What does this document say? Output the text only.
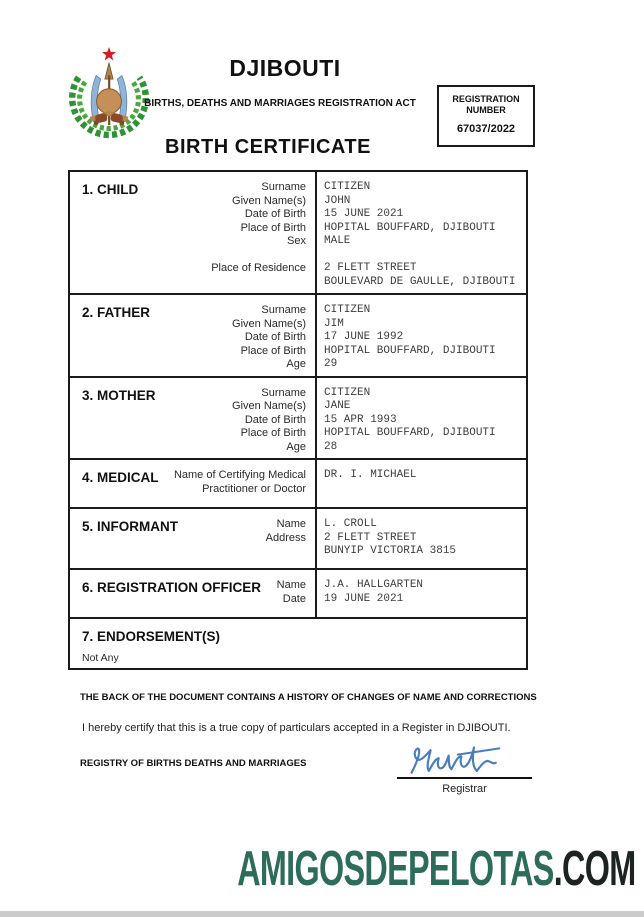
DJIBOUTI
BIRTHS, DEATHS AND MARRIAGES REGISTRATION ACT	REGISTRATION
NUMBER
67037/2022
BIRTH CERTIFICATE
1. CHILD	Surname CITIZEN
Given Name(s) JOHN
Date of Birth 15 JUNE 2021
Place of Birth HOPITAL BOUFFARD, DJIBOUTI
Sex MALE
Place of Residence 2 FLETT STREET
BOULEVARD DE GAULLE, DJIBOUTI
2. FATHER	Surname CITIZEN
Given Name(s) JIM
Date of Birth 17 JUNE 1992
Place of Birth HOPITAL BOUFFARD, DJIBOUTI
Age 29
3. MOTHER	Surname CITIZEN
Given Name(s) JANE
Date of Birth 15 APR 1993
Place of Birth HOPITAL BOUFFARD, DJIBOUTI
Age 28
4. MEDICAL	Name of Certifying Medical
Practitioner or Doctor
DR. I. MICHAEL
5. INFORMANT	Name L. CROLL
Address 2 FLETT STREET
BUNYIP VICTORIA 3815
6. REGISTRATION OFFICER	Name J.A. HALLGARTEN
Date 19 JUNE 2021
7. ENDORSEMENT(S)
Not Any
THE BACK OF THE DOCUMENT CONTAINS A HISTORY OF CHANGES OF NAME AND CORRECTIONS
I hereby certify that this is a true copy of particulars accepted in a Register in DJIBOUTI.
REGISTRY OF BIRTHS DEATHS AND MARRIAGES
Registrar
AMIGOSDEPELOTAS.COM
